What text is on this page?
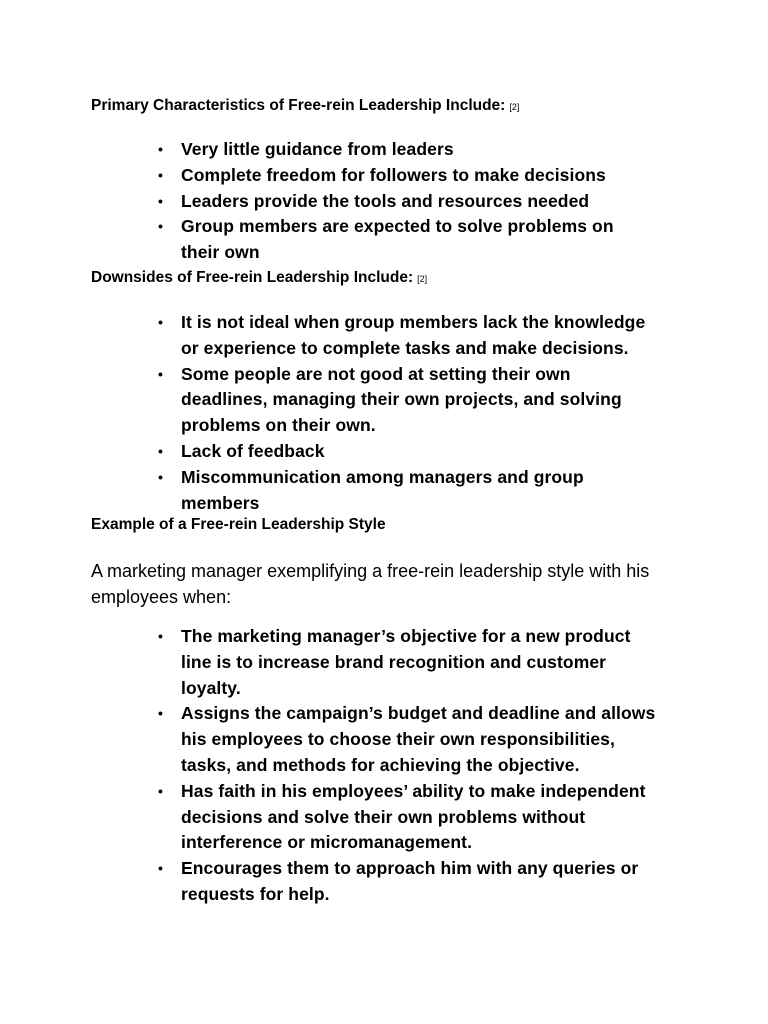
Primary Characteristics of Free-rein Leadership Include: [2]
• Very little guidance from leaders
• Complete freedom for followers to make decisions
• Leaders provide the tools and resources needed
• Group members are expected to solve problems on their own
Downsides of Free-rein Leadership Include: [2]
• It is not ideal when group members lack the knowledge or experience to complete tasks and make decisions.
• Some people are not good at setting their own deadlines, managing their own projects, and solving problems on their own.
• Lack of feedback
• Miscommunication among managers and group members
Example of a Free-rein Leadership Style
A marketing manager exemplifying a free-rein leadership style with his employees when:
• The marketing manager’s objective for a new product line is to increase brand recognition and customer loyalty.
• Assigns the campaign’s budget and deadline and allows his employees to choose their own responsibilities, tasks, and methods for achieving the objective.
• Has faith in his employees’ ability to make independent decisions and solve their own problems without interference or micromanagement.
• Encourages them to approach him with any queries or requests for help.
